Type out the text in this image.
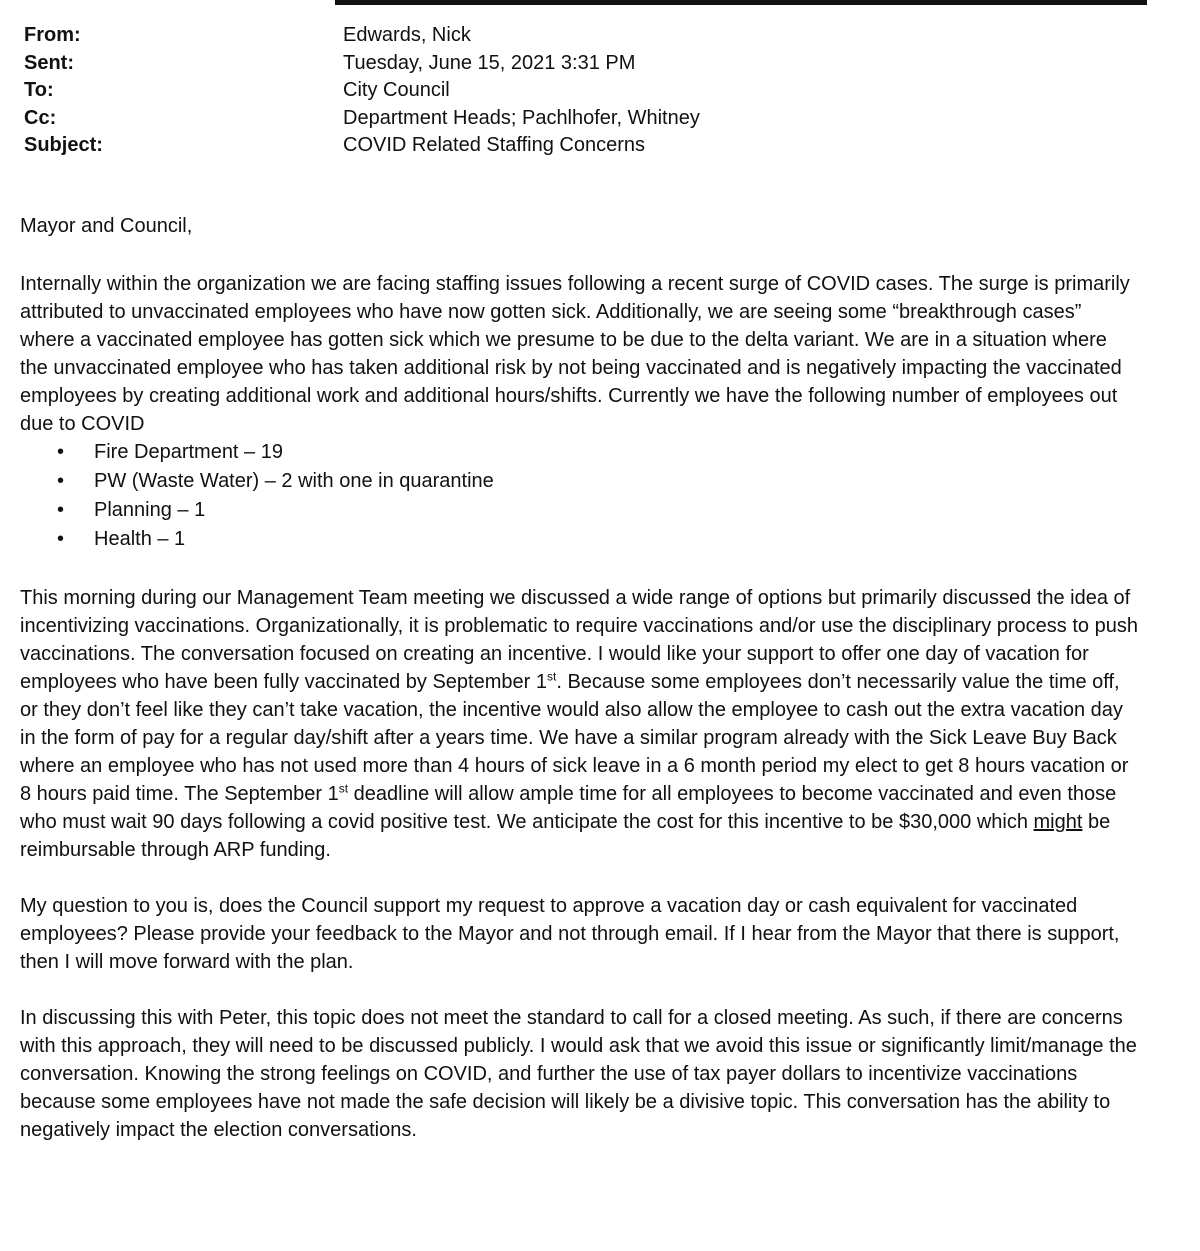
From:	Edwards, Nick
Sent:	Tuesday, June 15, 2021 3:31 PM
To:	City Council
Cc:	Department Heads; Pachlhofer, Whitney
Subject:	COVID Related Staffing Concerns

Mayor and Council,

Internally within the organization we are facing staffing issues following a recent surge of COVID cases. The surge is primarily attributed to unvaccinated employees who have now gotten sick. Additionally, we are seeing some “breakthrough cases” where a vaccinated employee has gotten sick which we presume to be due to the delta variant. We are in a situation where the unvaccinated employee who has taken additional risk by not being vaccinated and is negatively impacting the vaccinated employees by creating additional work and additional hours/shifts. Currently we have the following number of employees out due to COVID

• Fire Department – 19
• PW (Waste Water) – 2 with one in quarantine
• Planning – 1
• Health – 1

This morning during our Management Team meeting we discussed a wide range of options but primarily discussed the idea of incentivizing vaccinations. Organizationally, it is problematic to require vaccinations and/or use the disciplinary process to push vaccinations. The conversation focused on creating an incentive. I would like your support to offer one day of vacation for employees who have been fully vaccinated by September 1st. Because some employees don’t necessarily value the time off, or they don’t feel like they can’t take vacation, the incentive would also allow the employee to cash out the extra vacation day in the form of pay for a regular day/shift after a years time. We have a similar program already with the Sick Leave Buy Back where an employee who has not used more than 4 hours of sick leave in a 6 month period my elect to get 8 hours vacation or 8 hours paid time. The September 1st deadline will allow ample time for all employees to become vaccinated and even those who must wait 90 days following a covid positive test. We anticipate the cost for this incentive to be $30,000 which might be reimbursable through ARP funding.

My question to you is, does the Council support my request to approve a vacation day or cash equivalent for vaccinated employees? Please provide your feedback to the Mayor and not through email. If I hear from the Mayor that there is support, then I will move forward with the plan.

In discussing this with Peter, this topic does not meet the standard to call for a closed meeting. As such, if there are concerns with this approach, they will need to be discussed publicly. I would ask that we avoid this issue or significantly limit/manage the conversation. Knowing the strong feelings on COVID, and further the use of tax payer dollars to incentivize vaccinations because some employees have not made the safe decision will likely be a divisive topic. This conversation has the ability to negatively impact the election conversations.
